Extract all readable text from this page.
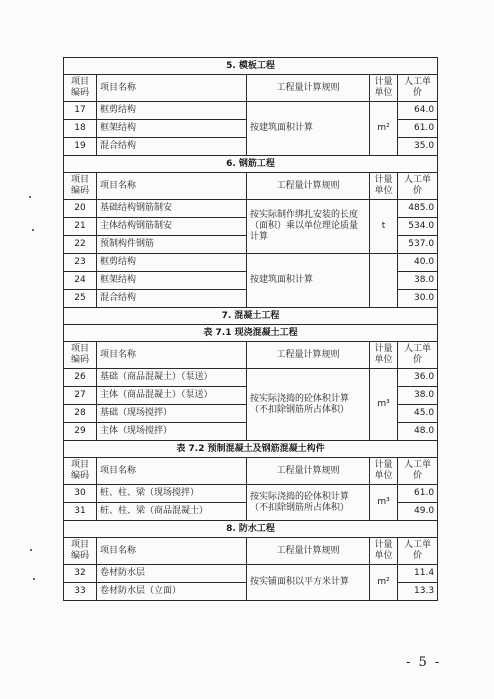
5. 模板工程				
项目编码	项目名称	工程量计算规则	计量单位	人工单价
17	框剪结构	按建筑面积计算	m²	64.0
18	框架结构			61.0
19	混合结构			35.0
6. 钢筋工程				
项目编码	项目名称	工程量计算规则	计量单位	人工单价
20	基础结构钢筋制安	按实际制作绑扎安装的长度（面积）乘以单位理论质量计算	t	485.0
21	主体结构钢筋制安			534.0
22	预制构件钢筋			537.0
23	框剪结构	按建筑面积计算		40.0
24	框架结构			38.0
25	混合结构			30.0
7. 混凝土工程				
表 7.1 现浇混凝土工程				
项目编码	项目名称	工程量计算规则	计量单位	人工单价
26	基础（商品混凝土）（泵送）	按实际浇捣的砼体积计算（不扣除钢筋所占体积）	m³	36.0
27	主体（商品混凝土）（泵送）			38.0
28	基础（现场搅拌）			45.0
29	主体（现场搅拌）			48.0
表 7.2 预制混凝土及钢筋混凝土构件				
项目编码	项目名称	工程量计算规则	计量单位	人工单价
30	桩、柱、梁（现场搅拌）	按实际浇捣的砼体积计算（不扣除钢筋所占体积）	m³	61.0
31	桩、柱、梁（商品混凝土）			49.0
8. 防水工程				
项目编码	项目名称	工程量计算规则	计量单位	人工单价
32	卷材防水层	按实铺面积以平方米计算	m²	11.4
33	卷材防水层（立面）			13.3
- 5 -
